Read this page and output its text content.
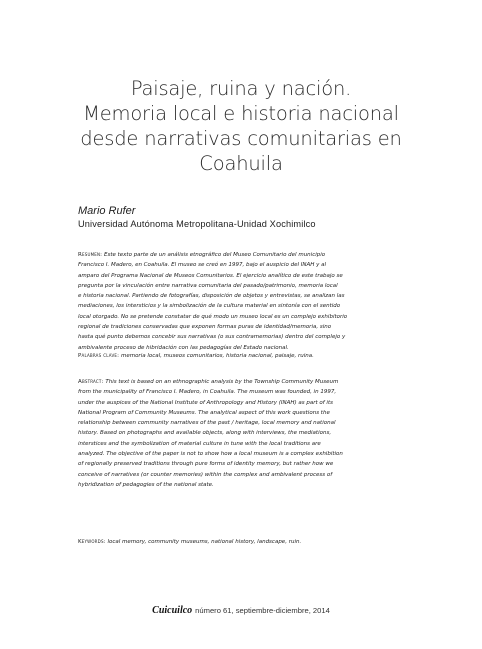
Paisaje, ruina y nación.
Memoria local e historia nacional
desde narrativas comunitarias en
Coahuila
Mario Rufer
Universidad Autónoma Metropolitana-Unidad Xochimilco
Resumen: Este texto parte de un análisis etnográfico del Museo Comunitario del municipio
Francisco I. Madero, en Coahuila. El museo se creó en 1997, bajo el auspicio del INAH y al
amparo del Programa Nacional de Museos Comunitarios. El ejercicio analítico de este trabajo se
pregunta por la vinculación entre narrativa comunitaria del pasado/patrimonio, memoria local
e historia nacional. Partiendo de fotografías, disposición de objetos y entrevistas, se analizan las
mediaciones, los intersticios y la simbolización de la cultura material en sintonía con el sentido
local otorgado. No se pretende constatar de qué modo un museo local es un complejo exhibitorio
regional de tradiciones conservadas que exponen formas puras de identidad/memoria, sino
hasta qué punto debemos concebir sus narrativas (o sus contramemorias) dentro del complejo y
ambivalente proceso de hibridación con las pedagogías del Estado nacional.
Palabras clave: memoria local, museos comunitarios, historia nacional, paisaje, ruina.
Abstract: This text is based on an ethnographic analysis by the Township Community Museum
from the municipality of Francisco I. Madero, in Coahuila. The museum was founded, in 1997,
under the auspices of the National Institute of Anthropology and History (INAH) as part of its
National Program of Community Museums. The analytical aspect of this work questions the
relationship between community narratives of the past / heritage, local memory and national
history. Based on photographs and available objects, along with interviews, the mediations,
interstices and the symbolization of material culture in tune with the local traditions are
analyzed. The objective of the paper is not to show how a local museum is a complex exhibition
of regionally preserved traditions through pure forms of identity memory, but rather how we
conceive of narratives (or counter memories) within the complex and ambivalent process of
hybridization of pedagogies of the national state.
Keywords: local memory, community museums, national history, landscape, ruin.
Cuicuilco número 61, septiembre-diciembre, 2014
